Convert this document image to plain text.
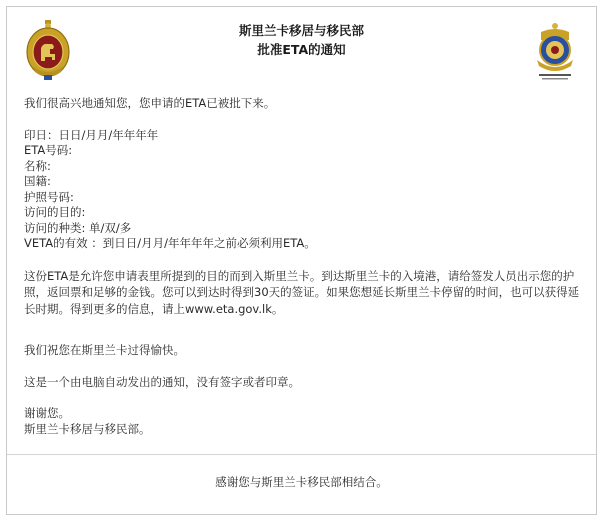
斯里兰卡移居与移民部
批准ETA的通知

我们很高兴地通知您，您申请的ETA已被批下来。

印日：日日/月月/年年年年

ETA号码:

名称:

国籍:

护照号码:

访问的目的:

访问的种类: 单/双/多

VETA的有效 ：到日日/月月/年年年年之前必须利用ETA。

这份ETA是允许您申请表里所提到的目的而到入斯里兰卡。到达斯里兰卡的入境港，请给签发人员出示您的护照，返回票和足够的金钱。您可以到达时得到30天的签证。如果您想延长斯里兰卡停留的时间，也可以获得延长时期。得到更多的信息，请上www.eta.gov.lk。

我们祝您在斯里兰卡过得愉快。

这是一个由电脑自动发出的通知，没有签字或者印章。

谢谢您。

斯里兰卡移居与移民部。

感谢您与斯里兰卡移民部相结合。
